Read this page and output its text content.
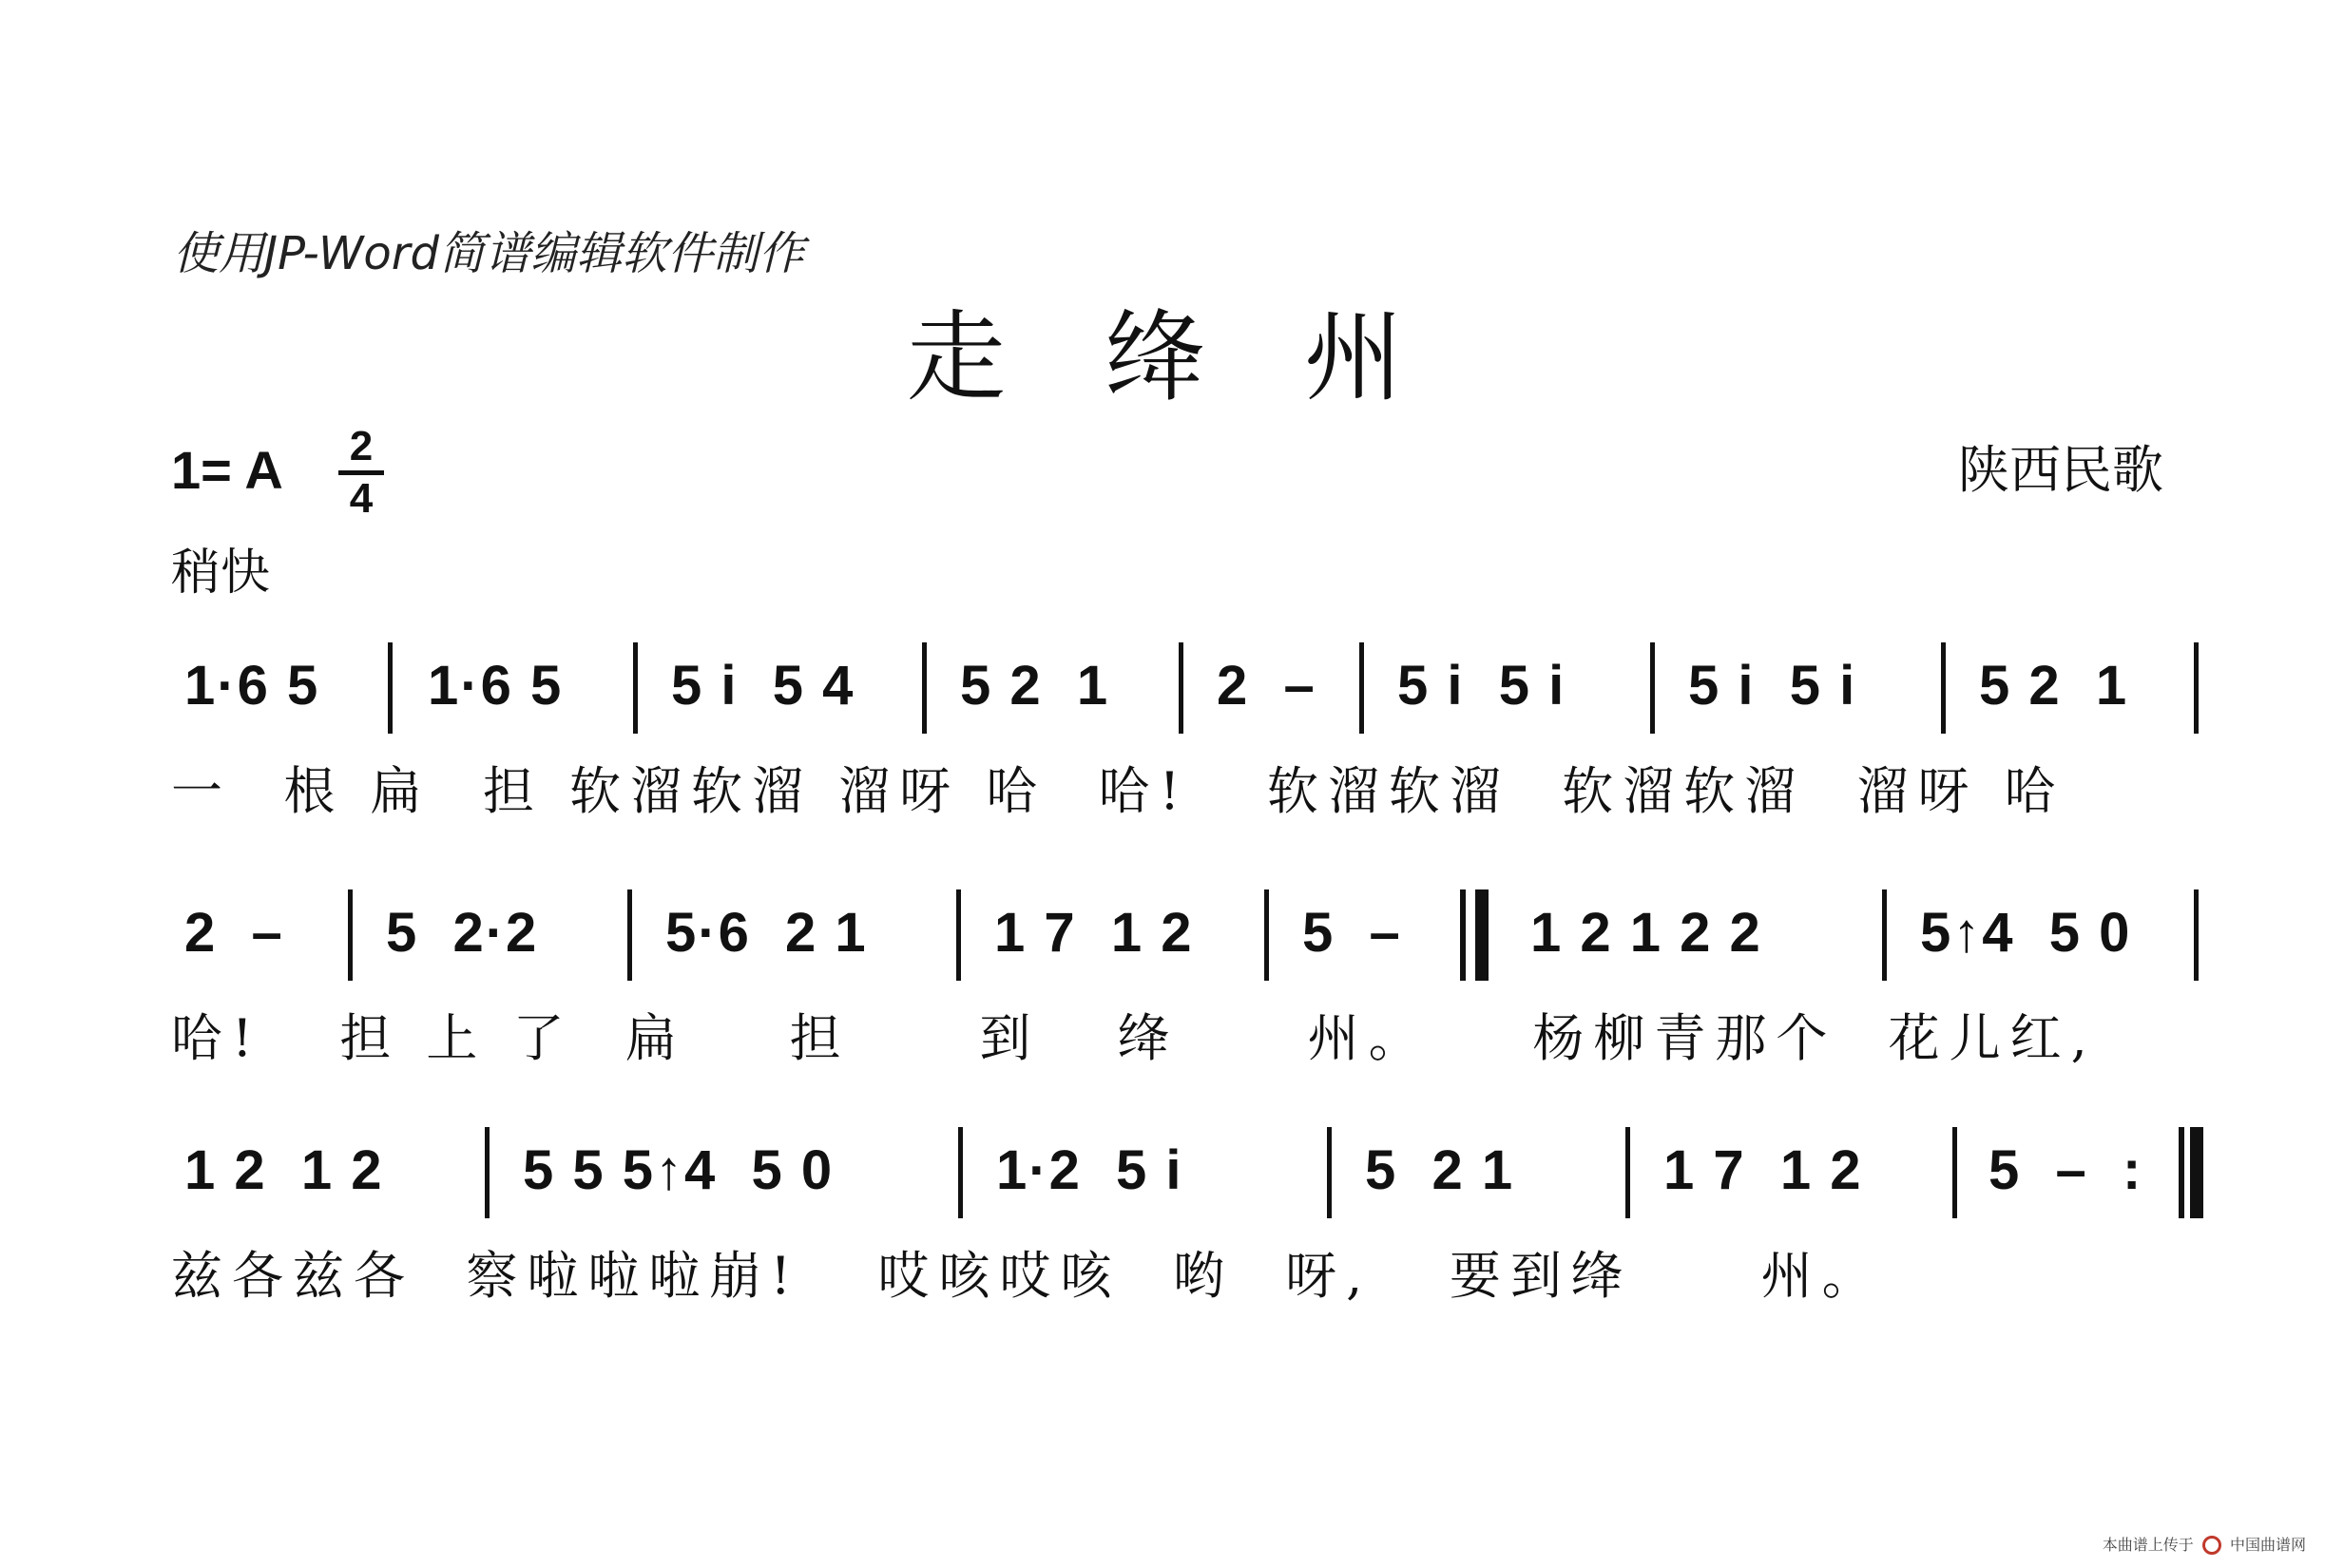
使用JP-Word简谱编辑软件制作
走 绛 州
1= A 2
4	陕西民歌
稍快
1·6 5 1·6 5 5 i  5 4 5 2  1 2  – 5 i  5 i 5 i  5 i 5 2  1
一  根 扁  担 软溜软溜 溜呀 哈  哈!   软溜软溜  软溜软溜  溜呀 哈
2  – 5  2·2 5·6  2 1 1 7  1 2 5  – 1 2 1 2 2	5↑4  5 0
哈!   担 上 了  扁    担     到   绛     州。    杨柳青那个  花儿红,
1 2  1 2	5 5 5↑4  5 0	1·2  5 i	5  2 1	1 7  1 2 5  –  :
兹各兹各  察啦啦啦崩!   哎咳哎咳  哟  呀,   要到绛     州。
本曲谱上传于 中国曲谱网
